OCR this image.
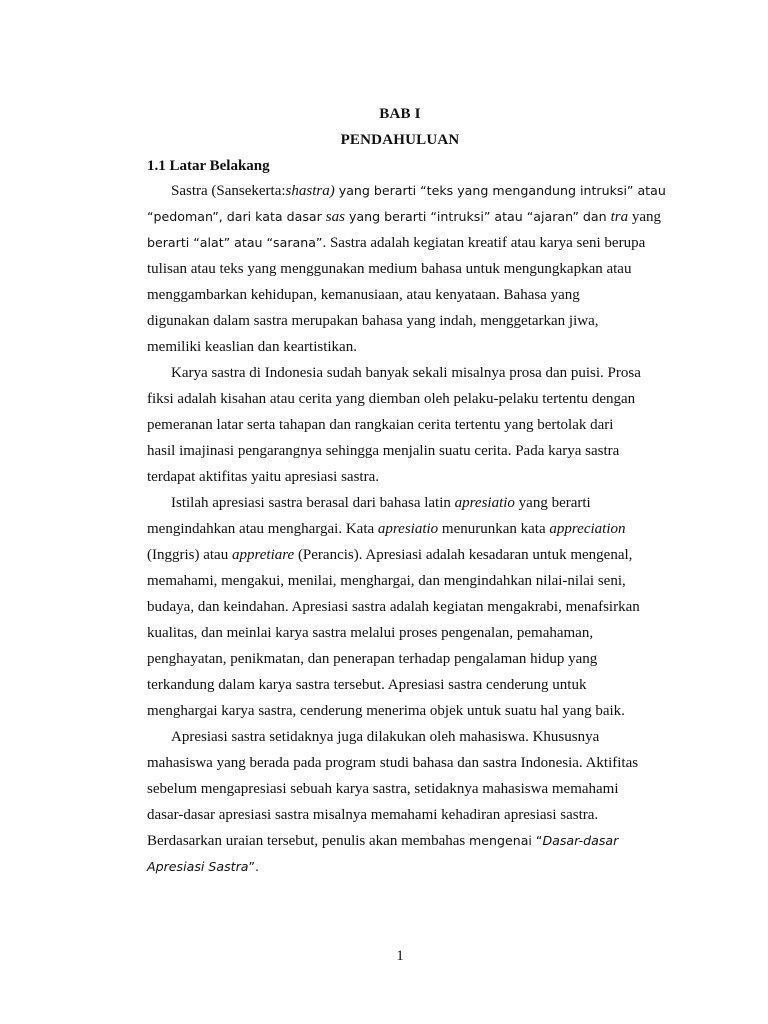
BAB I
PENDAHULUAN
1.1 Latar Belakang
Sastra (Sansekerta:shastra) yang berarti “teks yang mengandung intruksi” atau
“pedoman”, dari kata dasar sas yang berarti “intruksi” atau “ajaran” dan tra yang
berarti “alat” atau “sarana”. Sastra adalah kegiatan kreatif atau karya seni berupa
tulisan atau teks yang menggunakan medium bahasa untuk mengungkapkan atau
menggambarkan kehidupan, kemanusiaan, atau kenyataan. Bahasa yang
digunakan dalam sastra merupakan bahasa yang indah, menggetarkan jiwa,
memiliki keaslian dan keartistikan.
Karya sastra di Indonesia sudah banyak sekali misalnya prosa dan puisi. Prosa
fiksi adalah kisahan atau cerita yang diemban oleh pelaku-pelaku tertentu dengan
pemeranan latar serta tahapan dan rangkaian cerita tertentu yang bertolak dari
hasil imajinasi pengarangnya sehingga menjalin suatu cerita. Pada karya sastra
terdapat aktifitas yaitu apresiasi sastra.
Istilah apresiasi sastra berasal dari bahasa latin apresiatio yang berarti
mengindahkan atau menghargai. Kata apresiatio menurunkan kata appreciation
(Inggris) atau appretiare (Perancis). Apresiasi adalah kesadaran untuk mengenal,
memahami, mengakui, menilai, menghargai, dan mengindahkan nilai-nilai seni,
budaya, dan keindahan. Apresiasi sastra adalah kegiatan mengakrabi, menafsirkan
kualitas, dan meinlai karya sastra melalui proses pengenalan, pemahaman,
penghayatan, penikmatan, dan penerapan terhadap pengalaman hidup yang
terkandung dalam karya sastra tersebut. Apresiasi sastra cenderung untuk
menghargai karya sastra, cenderung menerima objek untuk suatu hal yang baik.
Apresiasi sastra setidaknya juga dilakukan oleh mahasiswa. Khususnya
mahasiswa yang berada pada program studi bahasa dan sastra Indonesia. Aktifitas
sebelum mengapresiasi sebuah karya sastra, setidaknya mahasiswa memahami
dasar-dasar apresiasi sastra misalnya memahami kehadiran apresiasi sastra.
Berdasarkan uraian tersebut, penulis akan membahas mengenai “Dasar-dasar
Apresiasi Sastra”.
1
